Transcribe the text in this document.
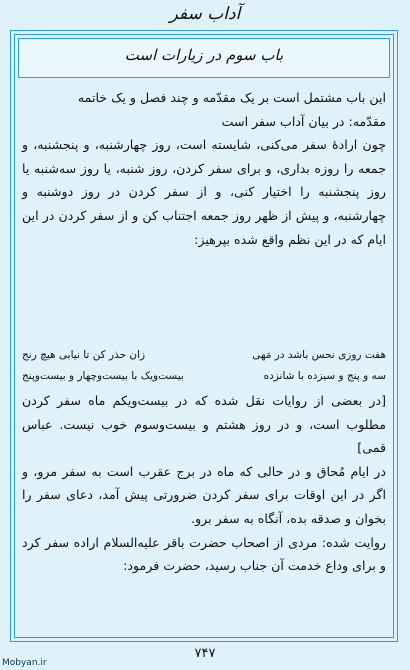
آداب سفر
باب سوم در زیارات است

این باب مشتمل است بر یک مقدّمه و چند فصل و یک خاتمه

مقدّمه: در بیان آداب سفر است

چون ارادهٔ سفر می‌کنی، شایسته است، روز چهارشنبه، و پنجشنبه، و جمعه را روزه بداری، و برای سفر کردن، روز شنبه، یا روز سه‌شنبه یا روز پنجشنبه را اختیار کنی، و از سفر کردن در روز دوشنبه و چهارشنبه، و پیش از ظهر روز جمعه اجتناب کن و از سفر کردن در این ایام که در این نظم واقع شده بپرهیز:

هفت روزی نحس باشد در مَهی
زان حذر کن تا نیابی هیچ رنج
سه و پنج و سیزده با شانزده
بیست‌ویک با بیست‌وچهار و بیست‌وپنج

[در بعضی از روایات نقل شده که در بیست‌ویکم ماه سفر کردن مطلوب است، و در روز هشتم و بیست‌وسوم خوب نیست. عباس قمی]

در ایام مُحاق و در حالی که ماه در برج عقرب است به سفر مرو، و اگر در این اوقات برای سفر کردن ضرورتی پیش آمد، دعای سفر را بخوان و صدقه بده، آنگاه به سفر برو.

روایت شده: مردی از اصحاب حضرت باقر علیه‌السلام اراده سفر کرد و برای وداع خدمت آن جناب رسید، حضرت فرمود:

۷۴۷
Mobyan.ir
